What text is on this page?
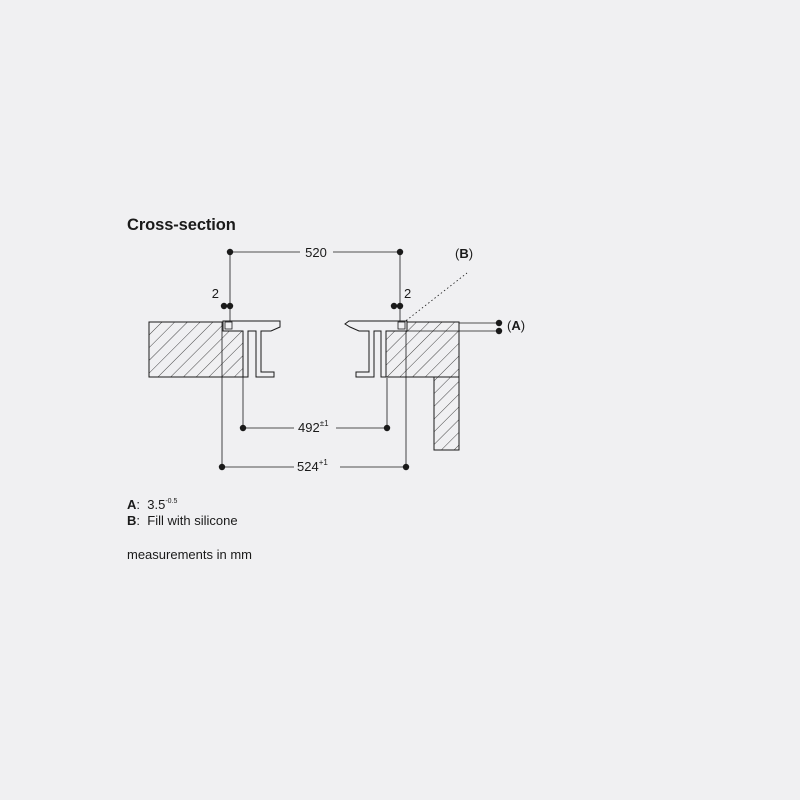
Cross-section
520
2	2
$492^{\pm 1}$
$524^{+1}$
(B)
(A)
A: $3.5^{-0.5}$
B: Fill with silicone
measurements in mm
